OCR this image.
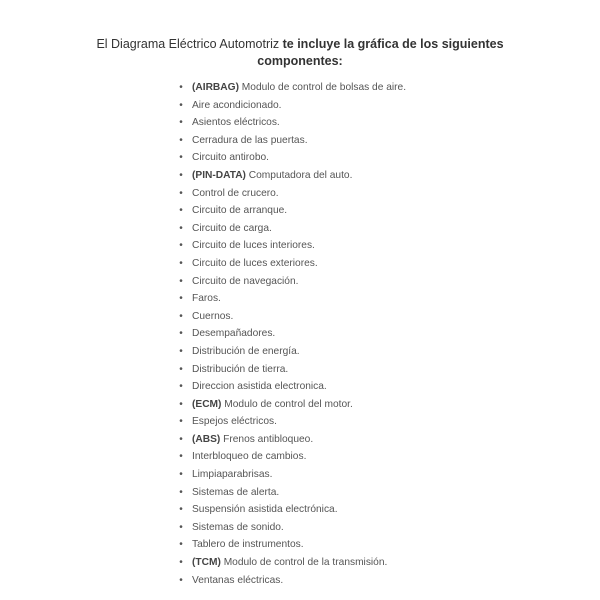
El Diagrama Eléctrico Automotriz te incluye la gráfica de los siguientes componentes:
• (AIRBAG) Modulo de control de bolsas de aire.
• Aire acondicionado.
• Asientos eléctricos.
• Cerradura de las puertas.
• Circuito antirobo.
• (PIN-DATA) Computadora del auto.
• Control de crucero.
• Circuito de arranque.
• Circuito de carga.
• Circuito de luces interiores.
• Circuito de luces exteriores.
• Circuito de navegación.
• Faros.
• Cuernos.
• Desempañadores.
• Distribución de energía.
• Distribución de tierra.
• Direccion asistida electronica.
• (ECM) Modulo de control del motor.
• Espejos eléctricos.
• (ABS) Frenos antibloqueo.
• Interbloqueo de cambios.
• Limpiaparabrisas.
• Sistemas de alerta.
• Suspensión asistida electrónica.
• Sistemas de sonido.
• Tablero de instrumentos.
• (TCM) Modulo de control de la transmisión.
• Ventanas eléctricas.
